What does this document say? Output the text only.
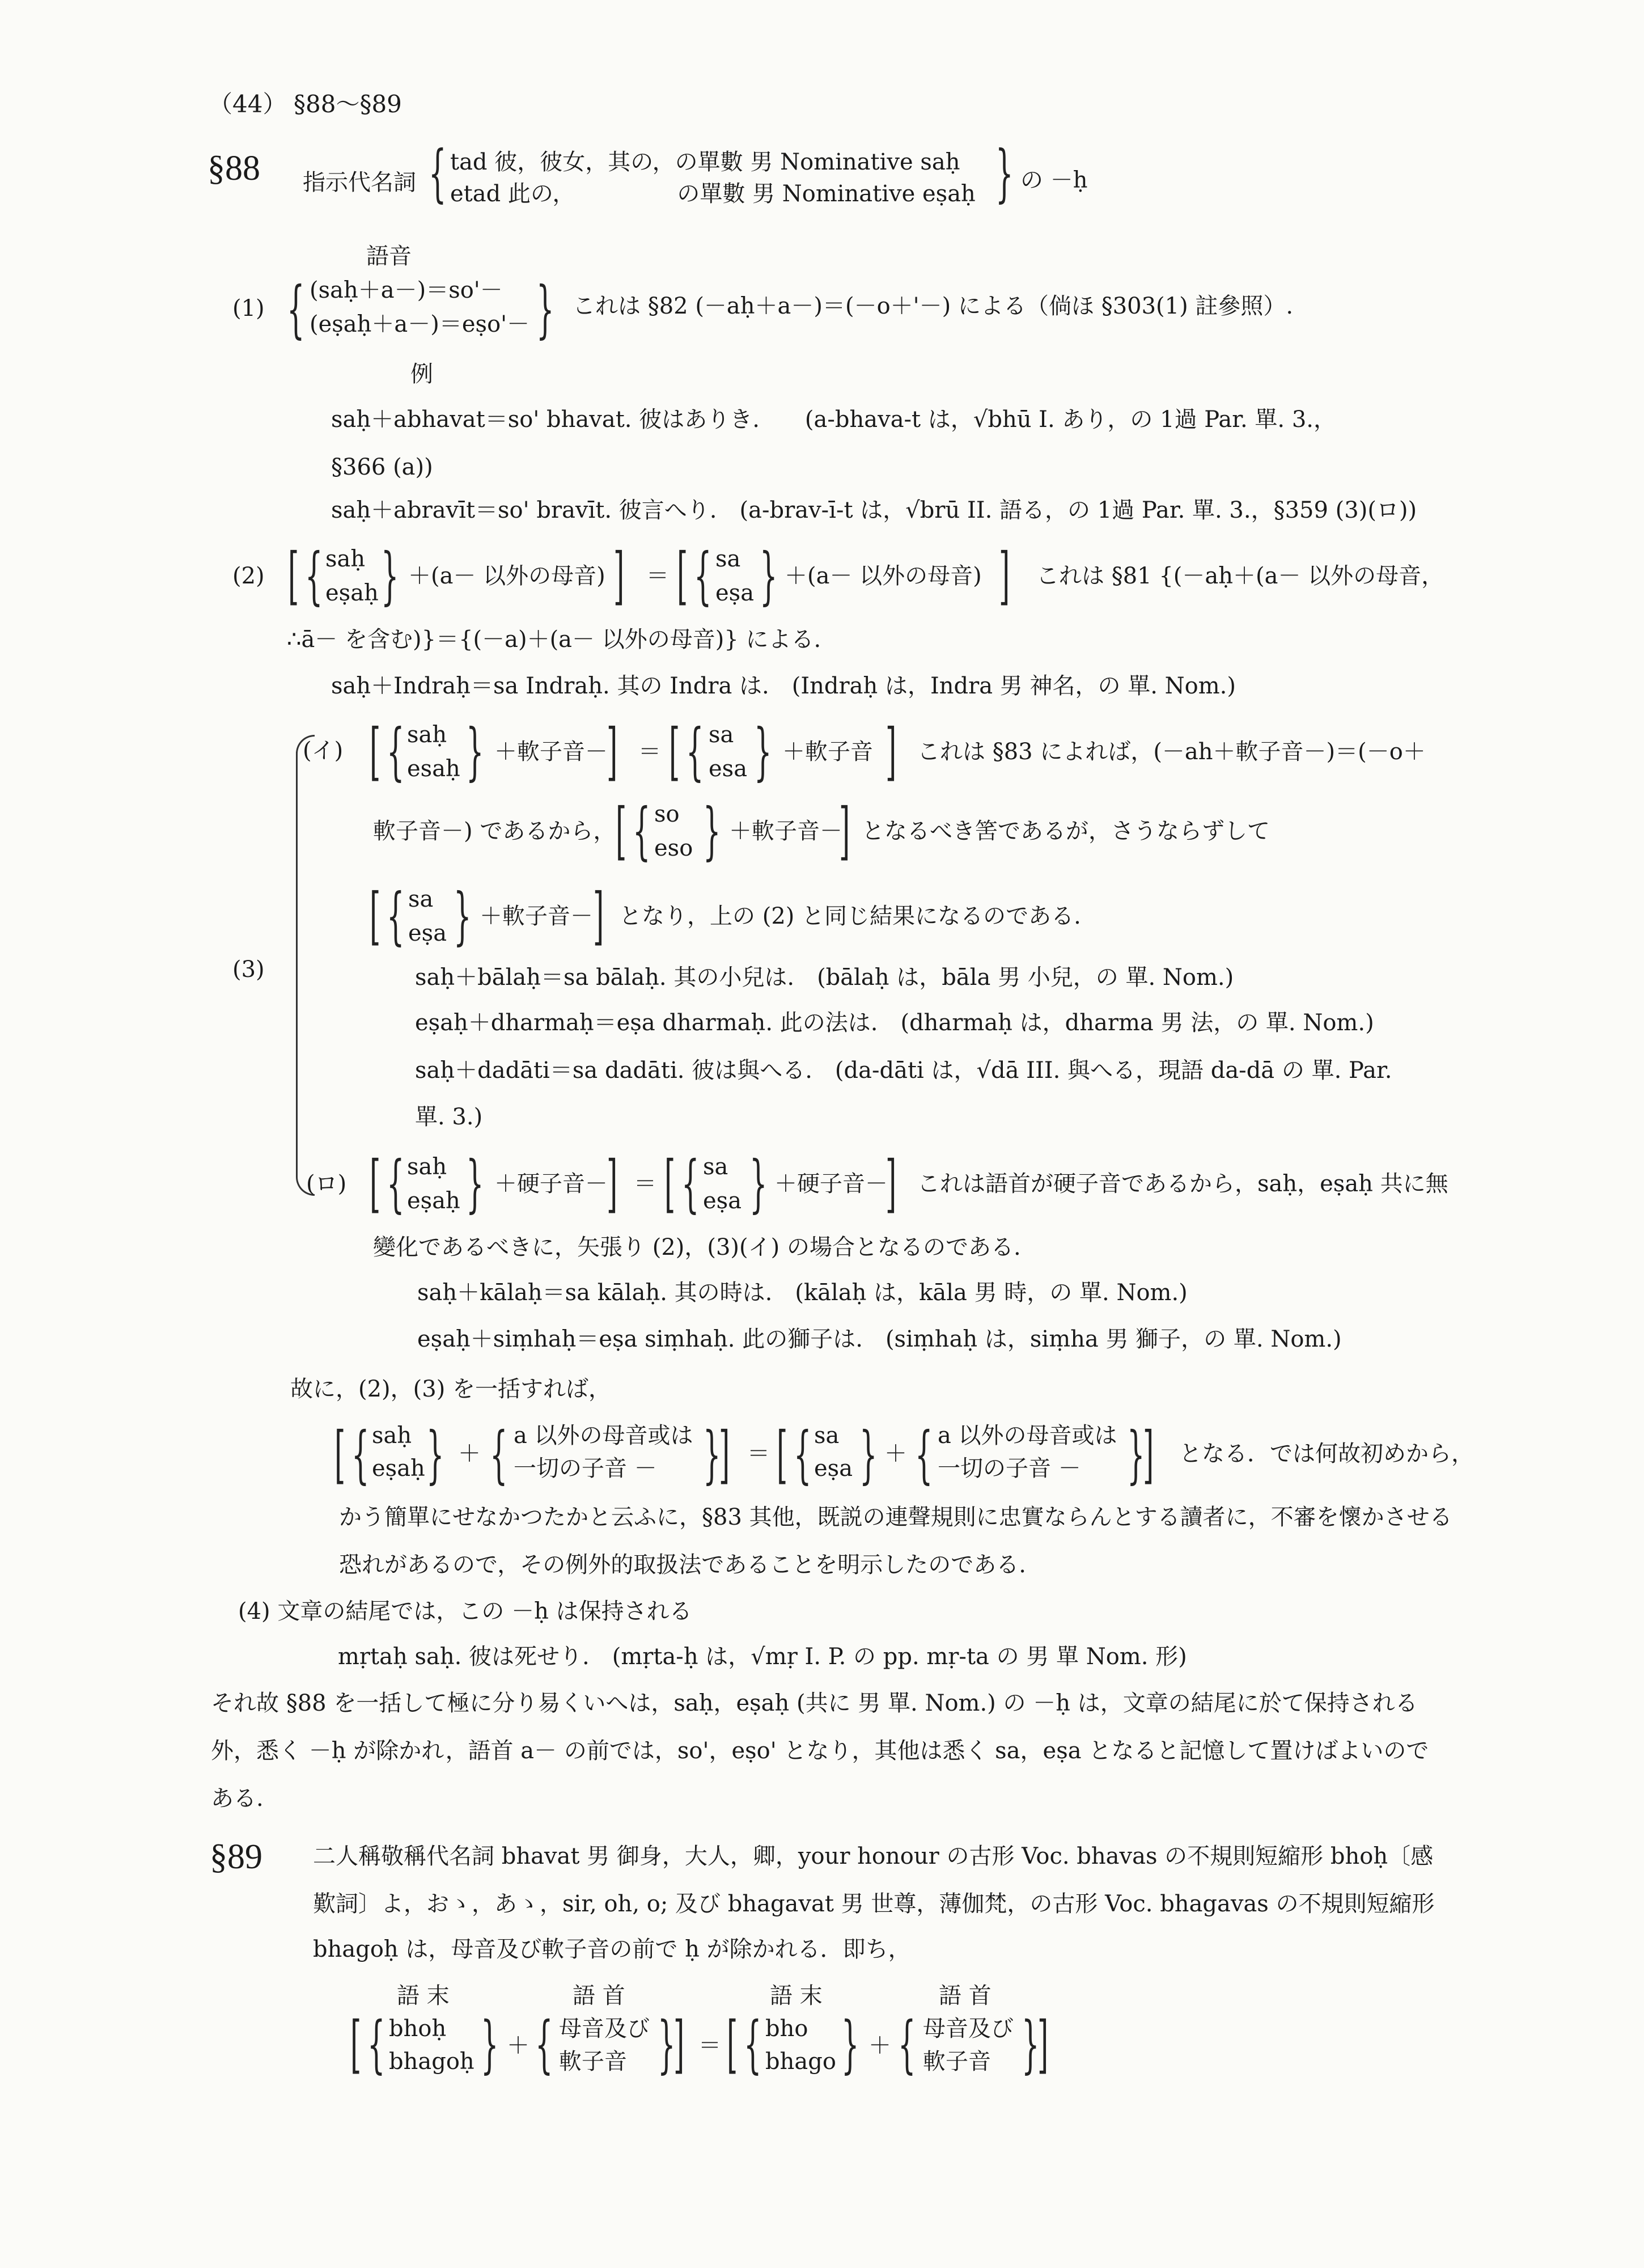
（44） §88～§89
§88 指示代名詞 { tad 彼，彼女，其の，の單數 男 Nominative saḥ
etad 此の，　　　　　の單數 男 Nominative eṣaḥ } の －ḥ
語音
(1) { (saḥ＋a－)＝so'－
(eṣaḥ＋a－)＝eṣo'－ } これは §82 (－aḥ＋a－)＝(－o＋'－) による（倘ほ §303(1) 註參照）.
例
saḥ＋abhavat＝so' bhavat. 彼はありき.　　(a-bhava-t は，√bhū I. あり，の 1過 Par. 單. 3.，
§366 (a))
saḥ＋abravīt＝so' bravīt. 彼言へり.　(a-brav-ī-t は，√brū II. 語る，の 1過 Par. 單. 3.，§359 (3)(ロ))
(2) [ { saḥ
eṣaḥ } ＋(a－ 以外の母音) ] ＝ [ { sa
eṣa } ＋(a－ 以外の母音) ] これは §81 {(－aḥ＋(a－ 以外の母音，
∴ā－ を含む)}＝{(－a)＋(a－ 以外の母音)} による.
saḥ＋Indraḥ＝sa Indraḥ. 其の Indra は.　(Indraḥ は，Indra 男 神名，の 單. Nom.)
(3)
(イ) [ { saḥ
esaḥ } ＋軟子音－
] ＝ [ { sa
esa } ＋軟子音 ] これは §83 によれば，(－ah＋軟子音－)＝(－o＋
軟子音－) であるから， [ { so
eso } ＋軟子音－
] となるべき筈であるが，さうならずして
[ { sa
eṣa } ＋軟子音－ ] となり，上の (2) と同じ結果になるのである.
saḥ＋bālaḥ＝sa bālaḥ. 其の小兒は.　(bālaḥ は，bāla 男 小兒，の 單. Nom.)
eṣaḥ＋dharmaḥ＝eṣa dharmaḥ. 此の法は.　(dharmaḥ は，dharma 男 法，の 單. Nom.)
saḥ＋dadāti＝sa dadāti. 彼は與へる.　(da-dāti は，√dā III. 與へる，現語 da-dā の 單. Par.
單. 3.)
(ロ) [ { saḥ
eṣaḥ } ＋硬子音－
] ＝ [ { sa
eṣa } ＋硬子音－
] これは語首が硬子音であるから，saḥ，eṣaḥ 共に無
變化であるべきに，矢張り (2)，(3)(イ) の場合となるのである.
saḥ＋kālaḥ＝sa kālaḥ. 其の時は.　(kālaḥ は，kāla 男 時，の 單. Nom.)
eṣaḥ＋siṃhaḥ＝eṣa siṃhaḥ. 此の獅子は.　(siṃhaḥ は，siṃha 男 獅子，の 單. Nom.)
故に，(2)，(3) を一括すれば，
[ { saḥ
eṣaḥ } ＋ { a 以外の母音或は
一切の子音 － }
] ＝ [ { sa
eṣa } ＋ { a 以外の母音或は
一切の子音 － }
] となる．では何故初めから，
かう簡單にせなかつたかと云ふに，§83 其他，既説の連聲規則に忠實ならんとする讀者に，不審を懷かさせる
恐れがあるので，その例外的取扱法であることを明示したのである.
(4) 文章の結尾では，この －ḥ は保持される
mṛtaḥ saḥ. 彼は死せり.　(mṛta-ḥ は，√mṛ I. P. の pp. mṛ-ta の 男 單 Nom. 形)
それ故 §88 を一括して極に分り易くいへは，saḥ，eṣaḥ (共に 男 單. Nom.) の －ḥ は，文章の結尾に於て保持される
外，悉く －ḥ が除かれ，語首 a－ の前では，so'，eṣo' となり，其他は悉く sa，eṣa となると記憶して置けばよいので
ある.
§89 二人稱敬稱代名詞 bhavat 男 御身，大人，卿，your honour の古形 Voc. bhavas の不規則短縮形 bhoḥ〔感
歎詞〕よ，おゝ，あゝ，sir, oh, o; 及び bhagavat 男 世尊，薄伽梵，の古形 Voc. bhagavas の不規則短縮形
bhagoḥ は，母音及び軟子音の前で ḥ が除かれる．即ち，
語 末	語 首	語 末	語 首
[ { bhoḥ
bhagoḥ } ＋ { 母音及び
軟子音 }
] ＝ [ { bho
bhago } ＋ { 母音及び
軟子音 }
]
